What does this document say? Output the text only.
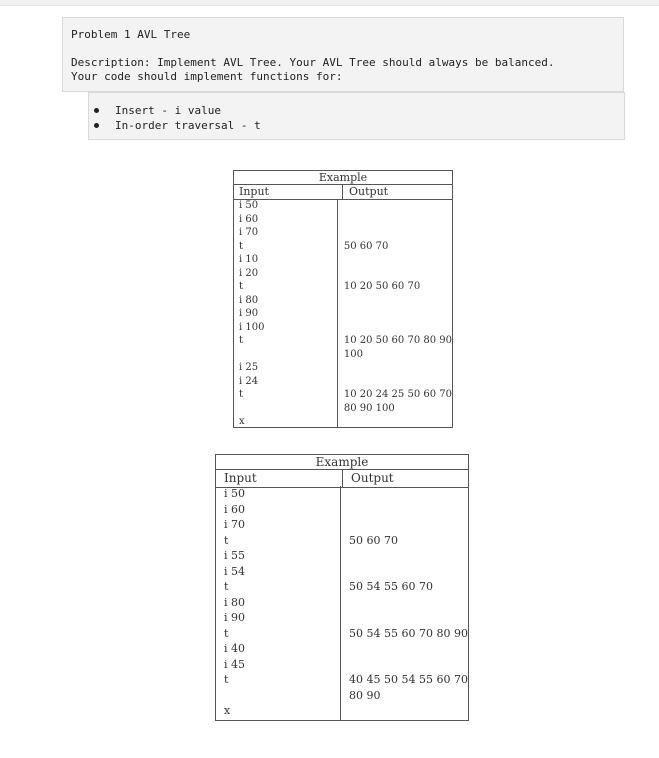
Problem 1 AVL Tree
Description: Implement AVL Tree. Your AVL Tree should always be balanced.
Your code should implement functions for:
Insert - i value
In-order traversal - t
Example
Input	Output
i 50
i 60
i 70
t
i 10
i 20
t
i 80
i 90
i 100
t
i 25
i 24
t
x
50 60 70
10 20 50 60 70
10 20 50 60 70 80 90
100
10 20 24 25 50 60 70
80 90 100
Example
Input	Output
i 50
i 60
i 70
t
i 55
i 54
t
i 80
i 90
t
i 40
i 45
t
x
50 60 70
50 54 55 60 70
50 54 55 60 70 80 90
40 45 50 54 55 60 70
80 90
